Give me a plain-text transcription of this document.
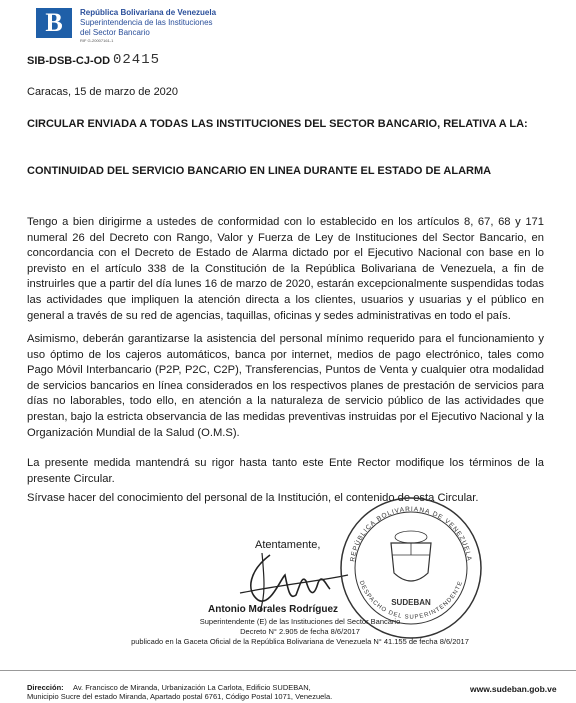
B	República Bolivariana de Venezuela
Superintendencia de las Instituciones
del Sector Bancario
RIF G-20007161-1
SIB-DSB-CJ-OD 02415
Caracas, 15 de marzo de 2020
CIRCULAR ENVIADA A TODAS LAS INSTITUCIONES DEL SECTOR BANCARIO, RELATIVA A LA:
CONTINUIDAD DEL SERVICIO BANCARIO EN LINEA DURANTE EL ESTADO DE ALARMA

Tengo a bien dirigirme a ustedes de conformidad con lo establecido en los artículos 8, 67, 68 y 171 numeral 26 del Decreto con Rango, Valor y Fuerza de Ley de Instituciones del Sector Bancario, en concordancia con el Decreto de Estado de Alarma dictado por el Ejecutivo Nacional con base en lo previsto en el artículo 338 de la Constitución de la República Bolivariana de Venezuela, a fin de instruirles que a partir del día lunes 16 de marzo de 2020, estarán excepcionalmente suspendidas todas las actividades que impliquen la atención directa a los clientes, usuarios y usuarias y el público en general a través de su red de agencias, taquillas, oficinas y sedes administrativas en todo el país.

Asimismo, deberán garantizarse la asistencia del personal mínimo requerido para el funcionamiento y uso óptimo de los cajeros automáticos, banca por internet, medios de pago electrónico, tales como Pago Móvil Interbancario (P2P, P2C, C2P), Transferencias, Puntos de Venta y cualquier otra modalidad de servicios bancarios en línea considerados en los respectivos planes de prestación de servicios para días no laborables, todo ello, en atención a la naturaleza de servicio público de las actividades que prestan, bajo la estricta observancia de las medidas preventivas instruidas por el Ejecutivo Nacional y la Organización Mundial de la Salud (O.M.S).

La presente medida mantendrá su rigor hasta tanto este Ente Rector modifique los términos de la presente Circular.

Sírvase hacer del conocimiento del personal de la Institución, el contenido de esta Circular.

Atentamente,
REPÚBLICA BOLIVARIANA DE VENEZUELA
DESPACHO DEL SUPERINTENDENTE
SUDEBAN
Antonio Morales Rodríguez
Superintendente (E) de las Instituciones del Sector Bancario
Decreto N° 2.905 de fecha 8/6/2017
publicado en la Gaceta Oficial de la República Bolivariana de Venezuela N° 41.155 de fecha 8/6/2017
Dirección: Av. Francisco de Miranda, Urbanización La Carlota, Edificio SUDEBAN,
Municipio Sucre del estado Miranda, Apartado postal 6761, Código Postal 1071, Venezuela.
www.sudeban.gob.ve
